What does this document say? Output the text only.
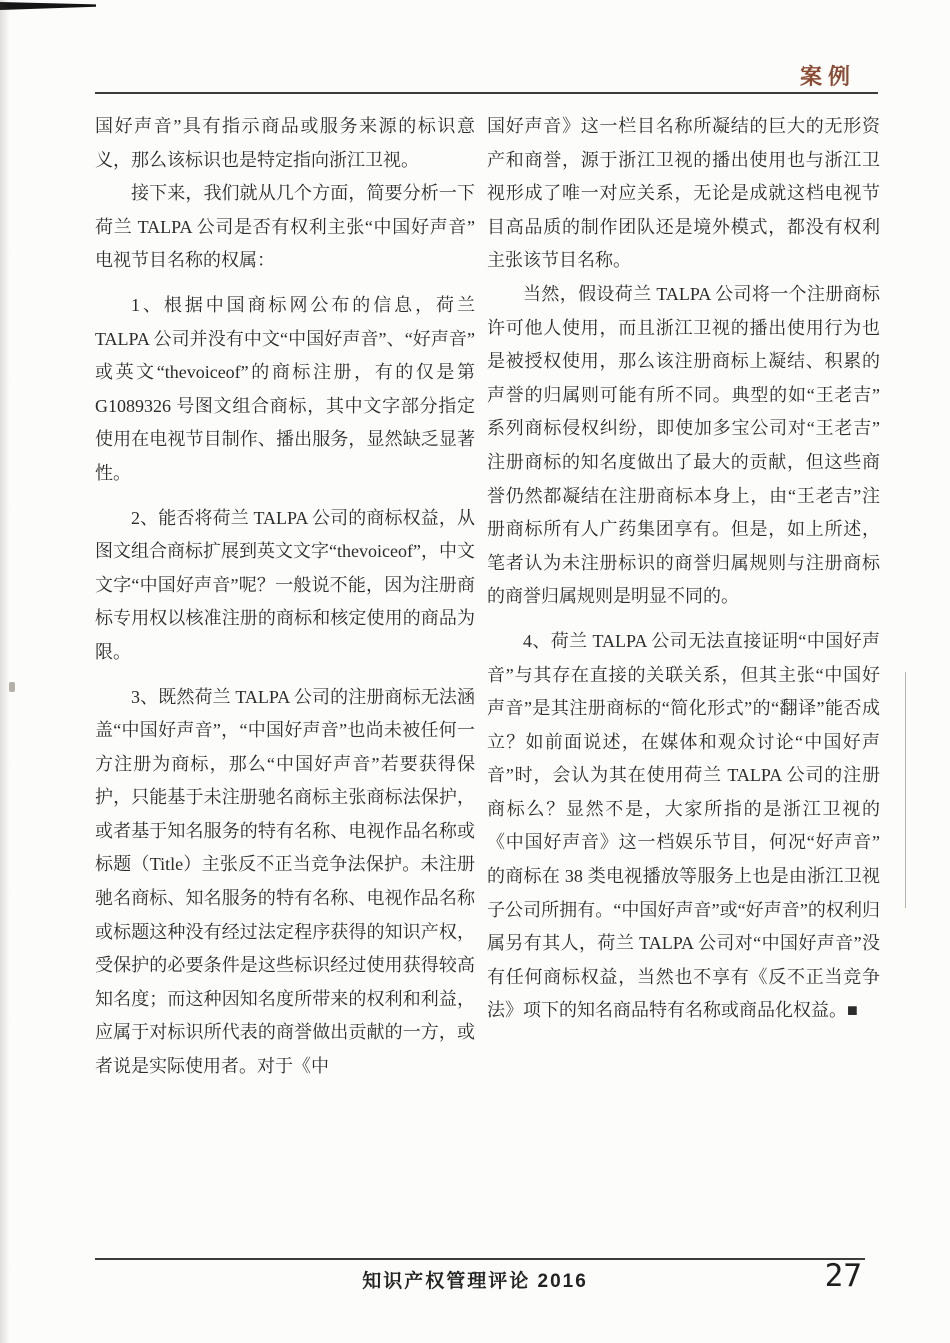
案例

国好声音”具有指示商品或服务来源的标识意义，那么该标识也是特定指向浙江卫视。

接下来，我们就从几个方面，简要分析一下荷兰 TALPA 公司是否有权利主张“中国好声音”电视节目名称的权属：

1、根据中国商标网公布的信息，荷兰 TALPA 公司并没有中文“中国好声音”、“好声音”或英文“thevoiceof”的商标注册，有的仅是第 G1089326 号图文组合商标，其中文字部分指定使用在电视节目制作、播出服务，显然缺乏显著性。

2、能否将荷兰 TALPA 公司的商标权益，从图文组合商标扩展到英文文字“thevoiceof”，中文文字“中国好声音”呢？一般说不能，因为注册商标专用权以核准注册的商标和核定使用的商品为限。

3、既然荷兰 TALPA 公司的注册商标无法涵盖“中国好声音”，“中国好声音”也尚未被任何一方注册为商标，那么“中国好声音”若要获得保护，只能基于未注册驰名商标主张商标法保护，或者基于知名服务的特有名称、电视作品名称或标题（Title）主张反不正当竞争法保护。未注册驰名商标、知名服务的特有名称、电视作品名称或标题这种没有经过法定程序获得的知识产权，受保护的必要条件是这些标识经过使用获得较高知名度；而这种因知名度所带来的权利和利益，应属于对标识所代表的商誉做出贡献的一方，或者说是实际使用者。对于《中

国好声音》这一栏目名称所凝结的巨大的无形资产和商誉，源于浙江卫视的播出使用也与浙江卫视形成了唯一对应关系，无论是成就这档电视节目高品质的制作团队还是境外模式，都没有权利主张该节目名称。

当然，假设荷兰 TALPA 公司将一个注册商标许可他人使用，而且浙江卫视的播出使用行为也是被授权使用，那么该注册商标上凝结、积累的声誉的归属则可能有所不同。典型的如“王老吉”系列商标侵权纠纷，即使加多宝公司对“王老吉”注册商标的知名度做出了最大的贡献，但这些商誉仍然都凝结在注册商标本身上，由“王老吉”注册商标所有人广药集团享有。但是，如上所述，笔者认为未注册标识的商誉归属规则与注册商标的商誉归属规则是明显不同的。

4、荷兰 TALPA 公司无法直接证明“中国好声音”与其存在直接的关联关系，但其主张“中国好声音”是其注册商标的“简化形式”的“翻译”能否成立？如前面说述，在媒体和观众讨论“中国好声音”时，会认为其在使用荷兰 TALPA 公司的注册商标么？显然不是，大家所指的是浙江卫视的《中国好声音》这一档娱乐节目，何况“好声音”的商标在 38 类电视播放等服务上也是由浙江卫视子公司所拥有。“中国好声音”或“好声音”的权利归属另有其人，荷兰 TALPA 公司对“中国好声音”没有任何商标权益，当然也不享有《反不正当竞争法》项下的知名商品特有名称或商品化权益。■

知识产权管理评论 2016	27
